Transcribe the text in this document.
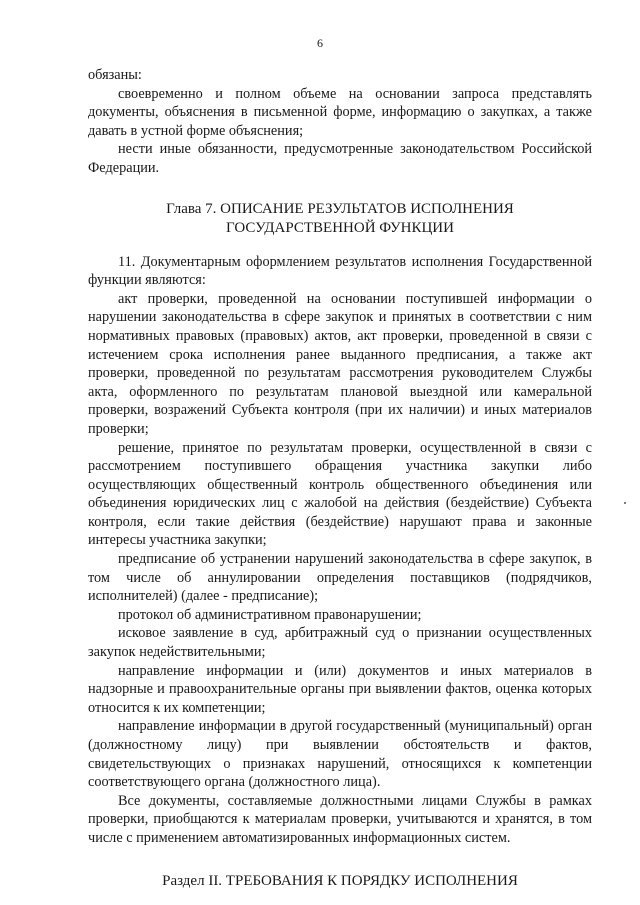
6

обязаны:

своевременно и полном объеме на основании запроса представлять документы, объяснения в письменной форме, информацию о закупках, а также давать в устной форме объяснения;

нести иные обязанности, предусмотренные законодательством Российской Федерации.

Глава 7. ОПИСАНИЕ РЕЗУЛЬТАТОВ ИСПОЛНЕНИЯ
ГОСУДАРСТВЕННОЙ ФУНКЦИИ

11. Документарным оформлением результатов исполнения Государственной функции являются:

акт проверки, проведенной на основании поступившей информации о нарушении законодательства в сфере закупок и принятых в соответствии с ним нормативных правовых (правовых) актов, акт проверки, проведенной в связи с истечением срока исполнения ранее выданного предписания, а также акт проверки, проведенной по результатам рассмотрения руководителем Службы акта, оформленного по результатам плановой выездной или камеральной проверки, возражений Субъекта контроля (при их наличии) и иных материалов проверки;

решение, принятое по результатам проверки, осуществленной в связи с рассмотрением поступившего обращения участника закупки либо осуществляющих общественный контроль общественного объединения или объединения юридических лиц с жалобой на действия (бездействие) Субъекта контроля, если такие действия (бездействие) нарушают права и законные интересы участника закупки;

предписание об устранении нарушений законодательства в сфере закупок, в том числе об аннулировании определения поставщиков (подрядчиков, исполнителей) (далее - предписание);

протокол об административном правонарушении;

исковое заявление в суд, арбитражный суд о признании осуществленных закупок недействительными;

направление информации и (или) документов и иных материалов в надзорные и правоохранительные органы при выявлении фактов, оценка которых относится к их компетенции;

направление информации в другой государственный (муниципальный) орган (должностному лицу) при выявлении обстоятельств и фактов, свидетельствующих о признаках нарушений, относящихся к компетенции соответствующего органа (должностного лица).

Все документы, составляемые должностными лицами Службы в рамках проверки, приобщаются к материалам проверки, учитываются и хранятся, в том числе с применением автоматизированных информационных систем.

Раздел II. ТРЕБОВАНИЯ К ПОРЯДКУ ИСПОЛНЕНИЯ
